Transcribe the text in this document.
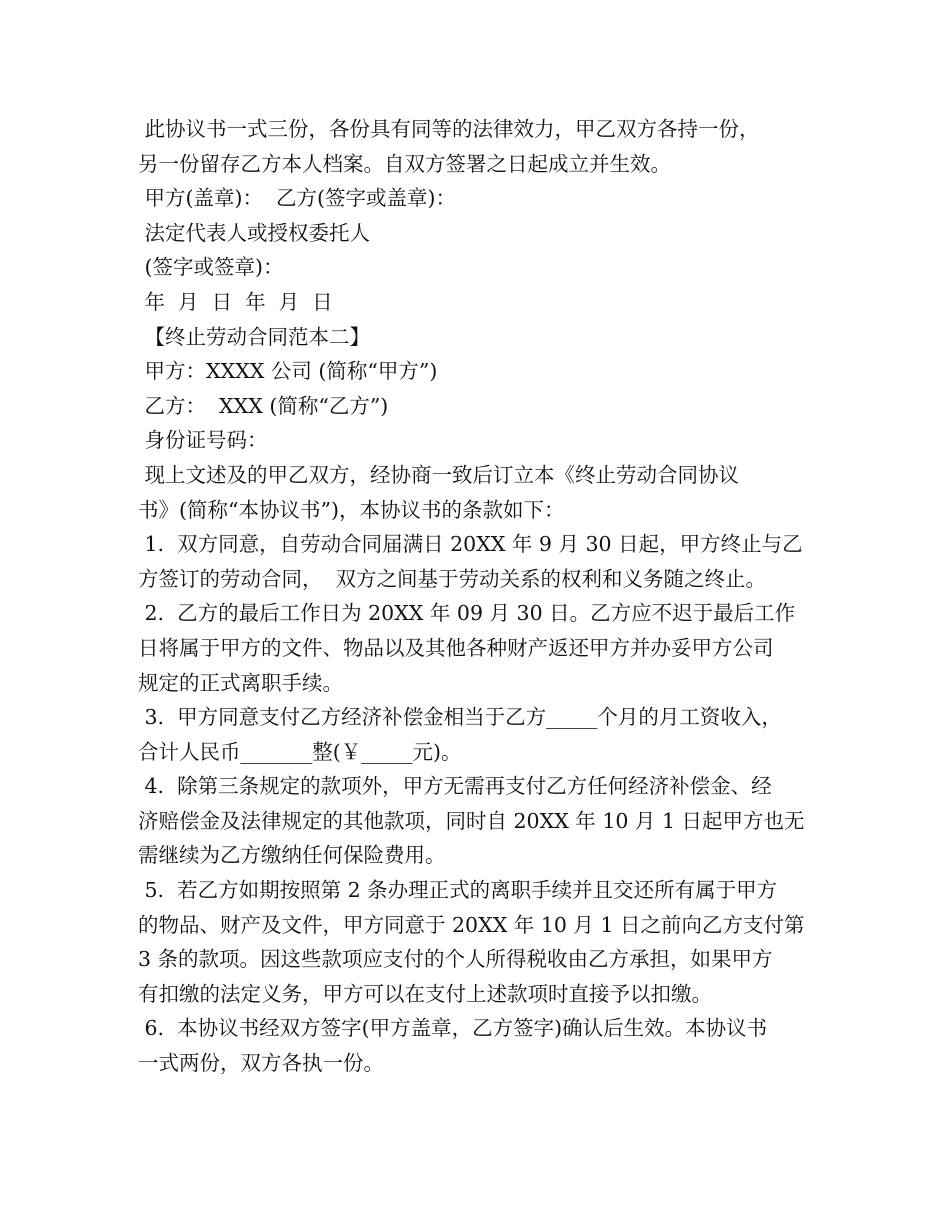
此协议书一式三份，各份具有同等的法律效力，甲乙双方各持一份，
另一份留存乙方本人档案。自双方签署之日起成立并生效。
甲方(盖章)：  乙方(签字或盖章)：
法定代表人或授权委托人
(签字或签章)：
年  月  日  年  月  日
【终止劳动合同范本二】
甲方：XXXX 公司 (简称“甲方”)
乙方：  XXX (简称“乙方”)
身份证号码：
现上文述及的甲乙双方，经协商一致后订立本《终止劳动合同协议
书》(简称“本协议书”)，本协议书的条款如下：
1.  双方同意，自劳动合同届满日 20XX 年 9 月 30 日起，甲方终止与乙
方签订的劳动合同，  双方之间基于劳动关系的权利和义务随之终止。
2.  乙方的最后工作日为 20XX 年 09 月 30 日。乙方应不迟于最后工作
日将属于甲方的文件、物品以及其他各种财产返还甲方并办妥甲方公司
规定的正式离职手续。
3.  甲方同意支付乙方经济补偿金相当于乙方_____个月的月工资收入，
合计人民币_______整(￥_____元)。
4.  除第三条规定的款项外，甲方无需再支付乙方任何经济补偿金、经
济赔偿金及法律规定的其他款项，同时自 20XX 年 10 月 1 日起甲方也无
需继续为乙方缴纳任何保险费用。
5.  若乙方如期按照第 2 条办理正式的离职手续并且交还所有属于甲方
的物品、财产及文件，甲方同意于 20XX 年 10 月 1 日之前向乙方支付第
3 条的款项。因这些款项应支付的个人所得税收由乙方承担，如果甲方
有扣缴的法定义务，甲方可以在支付上述款项时直接予以扣缴。
6.  本协议书经双方签字(甲方盖章，乙方签字)确认后生效。本协议书
一式两份，双方各执一份。
